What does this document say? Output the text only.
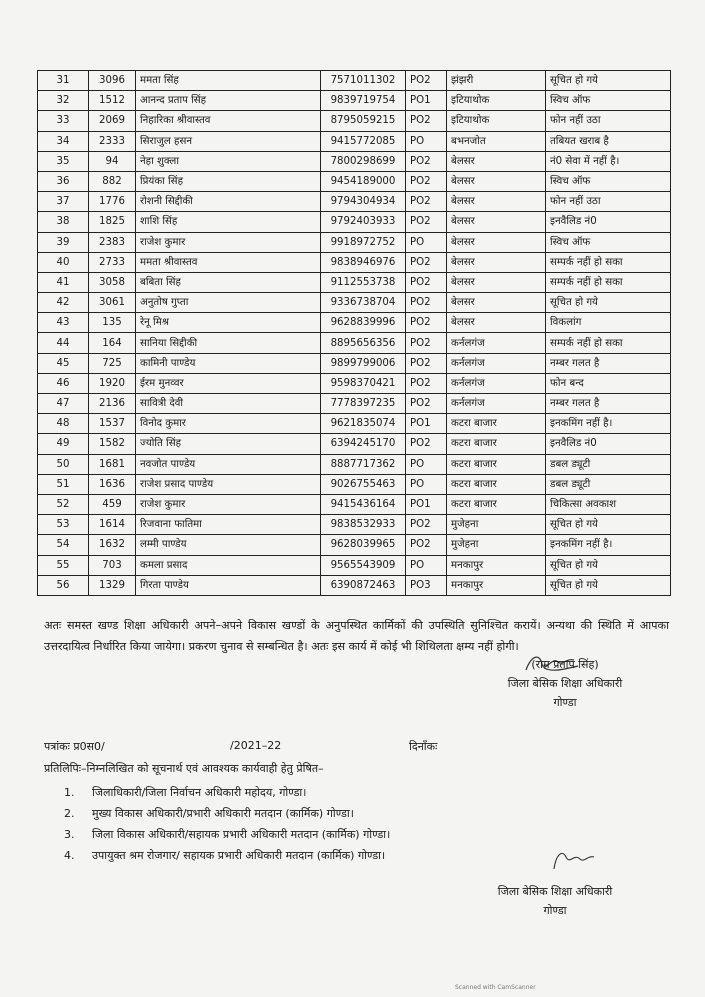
31	3096	ममता सिंह	7571011302	PO2	झंझरी	सूचित हो गये
32	1512	आनन्द प्रताप सिंह	9839719754	PO1	इटियाथोक	स्विच ऑफ
33	2069	निहारिका श्रीवास्तव	8795059215	PO2	इटियाथोक	फोन नहीं उठा
34	2333	सिराजुल हसन	9415772085	PO	बभनजोत	तबियत खराब है
35	94	नेहा शुक्ला	7800298699	PO2	बेलसर	नं0 सेवा में नहीं है।
36	882	प्रियंका सिंह	9454189000	PO2	बेलसर	स्विच ऑफ
37	1776	रोशनी सिद्दीकी	9794304934	PO2	बेलसर	फोन नहीं उठा
38	1825	शाशि सिंह	9792403933	PO2	बेलसर	इनवैलिड नं0
39	2383	राजेश कुमार	9918972752	PO	बेलसर	स्विच ऑफ
40	2733	ममता श्रीवास्तव	9838946976	PO2	बेलसर	सम्पर्क नहीं हो सका
41	3058	बबिता सिंह	9112553738	PO2	बेलसर	सम्पर्क नहीं हो सका
42	3061	अनुतोष गुप्ता	9336738704	PO2	बेलसर	सूचित हो गये
43	135	रेनू मिश्र	9628839996	PO2	बेलसर	विकलांग
44	164	सानिया सिद्दीकी	8895656356	PO2	कर्नलगंज	सम्पर्क नहीं हो सका
45	725	कामिनी पाण्डेय	9899799006	PO2	कर्नलगंज	नम्बर गलत है
46	1920	ईरम मुनव्वर	9598370421	PO2	कर्नलगंज	फोन बन्द
47	2136	सावित्री देवी	7778397235	PO2	कर्नलगंज	नम्बर गलत है
48	1537	विनोद कुमार	9621835074	PO1	कटरा बाजार	इनकमिंग नहीं है।
49	1582	ज्योति सिंह	6394245170	PO2	कटरा बाजार	इनवैलिड नं0
50	1681	नवजोत पाण्डेय	8887717362	PO	कटरा बाजार	डबल ड्यूटी
51	1636	राजेश प्रसाद पाण्डेय	9026755463	PO	कटरा बाजार	डबल ड्यूटी
52	459	राजेश कुमार	9415436164	PO1	कटरा बाजार	चिकित्सा अवकाश
53	1614	रिजवाना फातिमा	9838532933	PO2	मुजेहना	सूचित हो गये
54	1632	लम्मी पाण्डेय	9628039965	PO2	मुजेहना	इनकमिंग नहीं है।
55	703	कमला प्रसाद	9565543909	PO	मनकापुर	सूचित हो गये
56	1329	गिरता पाण्डेय	6390872463	PO3	मनकापुर	सूचित हो गये
अतः समस्त खण्ड शिक्षा अधिकारी अपने–अपने विकास खण्डों के अनुपस्थित कार्मिकों की उपस्थिति सुनिश्चित करायें। अन्यथा की स्थिति में आपका उत्तरदायित्व निर्धारित किया जायेगा। प्रकरण चुनाव से सम्बन्धित है। अतः इस कार्य में कोई भी शिथिलता क्षम्य नहीं होगी।
(राम प्रताप सिंह)
जिला बेसिक शिक्षा अधिकारी
गोण्डा
पत्रांकः प्र0स0/	/2021–22	दिनाँकः
प्रतिलिपिः–निम्नलिखित को सूचनार्थ एवं आवश्यक कार्यवाही हेतु प्रेषित–
1. जिलाधिकारी/जिला निर्वाचन अधिकारी महोदय, गोण्डा।
2. मुख्य विकास अधिकारी/प्रभारी अधिकारी मतदान (कार्मिक) गोण्डा।
3. जिला विकास अधिकारी/सहायक प्रभारी अधिकारी मतदान (कार्मिक) गोण्डा।
4. उपायुक्त श्रम रोजगार/ सहायक प्रभारी अधिकारी मतदान (कार्मिक) गोण्डा।
जिला बेसिक शिक्षा अधिकारी
गोण्डा
Scanned with CamScanner
